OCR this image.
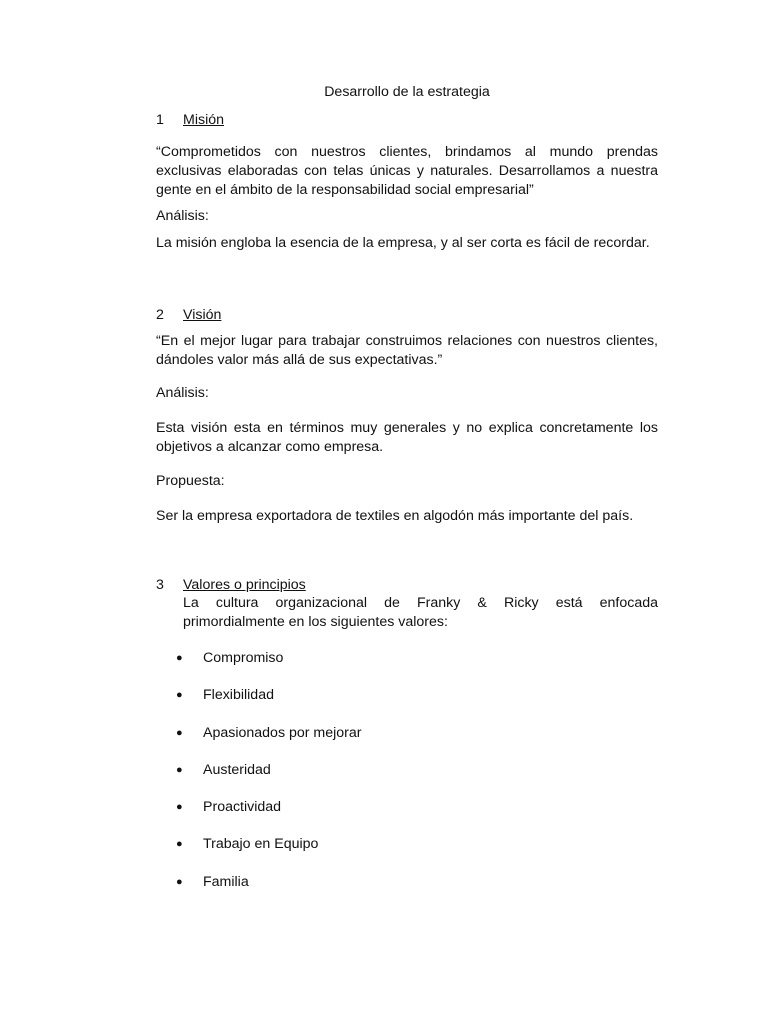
Desarrollo de la estrategia
1 Misión

“Comprometidos con nuestros clientes, brindamos al mundo prendas exclusivas elaboradas con telas únicas y naturales. Desarrollamos a nuestra gente en el ámbito de la responsabilidad social empresarial”

Análisis:

La misión engloba la esencia de la empresa, y al ser corta es fácil de recordar.

2 Visión

“En el mejor lugar para trabajar construimos relaciones con nuestros clientes, dándoles valor más allá de sus expectativas.”

Análisis:

Esta visión esta en términos muy generales y no explica concretamente los objetivos a alcanzar como empresa.

Propuesta:

Ser la empresa exportadora de textiles en algodón más importante del país.

3 Valores o principios

La cultura organizacional de Franky & Ricky está enfocada primordialmente en los siguientes valores:

● Compromiso
● Flexibilidad
● Apasionados por mejorar
● Austeridad
● Proactividad
● Trabajo en Equipo
● Familia
